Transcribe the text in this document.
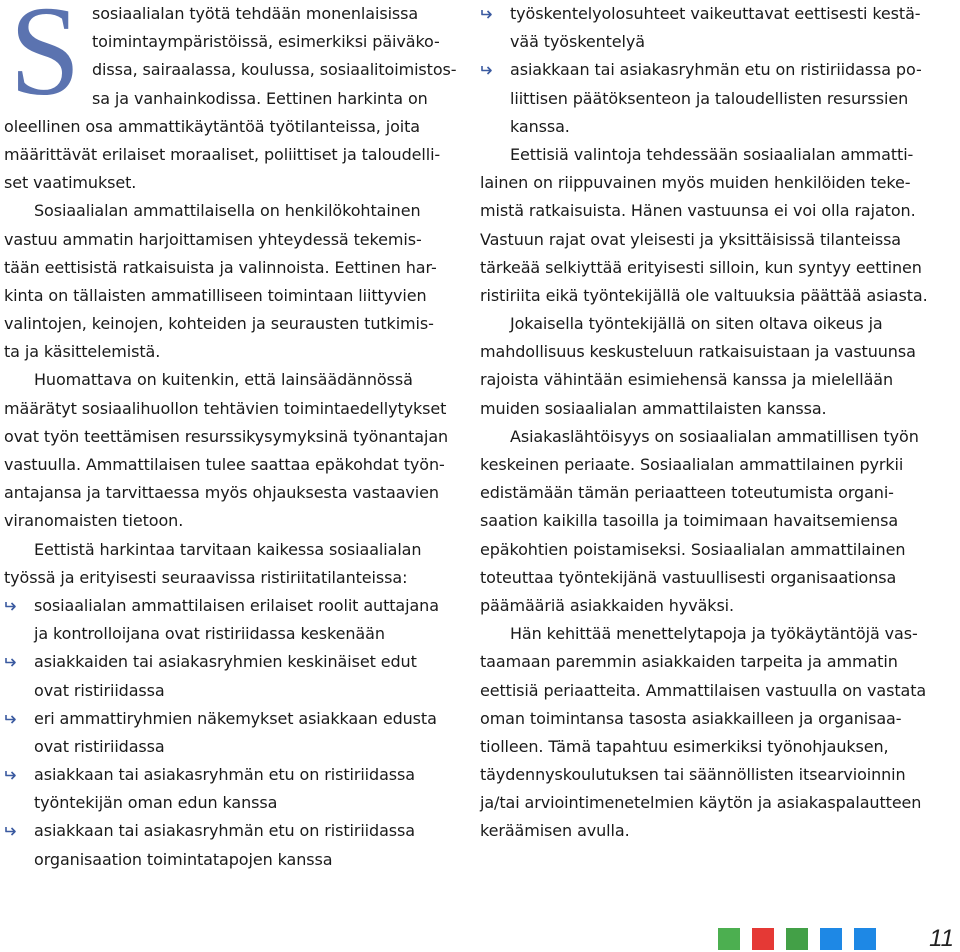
S sosiaalialan työtä tehdään monenlaisissa
toimintaympäristöissä, esimerkiksi päiväko-
dissa, sairaalassa, koulussa, sosiaalitoimistos-
sa ja vanhainkodissa. Eettinen harkinta on
oleellinen osa ammattikäytäntöä työtilanteissa, joita
määrittävät erilaiset moraaliset, poliittiset ja taloudelli-
set vaatimukset.
Sosiaalialan ammattilaisella on henkilökohtainen
vastuu ammatin harjoittamisen yhteydessä tekemis-
tään eettisistä ratkaisuista ja valinnoista. Eettinen har-
kinta on tällaisten ammatilliseen toimintaan liittyvien
valintojen, keinojen, kohteiden ja seurausten tutkimis-
ta ja käsittelemistä.
Huomattava on kuitenkin, että lainsäädännössä
määrätyt sosiaalihuollon tehtävien toimintaedellytykset
ovat työn teettämisen resurssikysymyksinä työnantajan
vastuulla. Ammattilaisen tulee saattaa epäkohdat työn-
antajansa ja tarvittaessa myös ohjauksesta vastaavien
viranomaisten tietoon.
Eettistä harkintaa tarvitaan kaikessa sosiaalialan
työssä ja erityisesti seuraavissa ristiriitatilanteissa:
sosiaalialan ammattilaisen erilaiset roolit auttajana
ja kontrolloijana ovat ristiriidassa keskenään
asiakkaiden tai asiakasryhmien keskinäiset edut
ovat ristiriidassa
eri ammattiryhmien näkemykset asiakkaan edusta
ovat ristiriidassa
asiakkaan tai asiakasryhmän etu on ristiriidassa
työntekijän oman edun kanssa
asiakkaan tai asiakasryhmän etu on ristiriidassa
organisaation toimintatapojen kanssa
työskentelyolosuhteet vaikeuttavat eettisesti kestä-
vää työskentelyä
asiakkaan tai asiakasryhmän etu on ristiriidassa po-
liittisen päätöksenteon ja taloudellisten resurssien
kanssa.
Eettisiä valintoja tehdessään sosiaalialan ammatti-
lainen on riippuvainen myös muiden henkilöiden teke-
mistä ratkaisuista. Hänen vastuunsa ei voi olla rajaton.
Vastuun rajat ovat yleisesti ja yksittäisissä tilanteissa
tärkeää selkiyttää erityisesti silloin, kun syntyy eettinen
ristiriita eikä työntekijällä ole valtuuksia päättää asiasta.
Jokaisella työntekijällä on siten oltava oikeus ja
mahdollisuus keskusteluun ratkaisuistaan ja vastuunsa
rajoista vähintään esimiehensä kanssa ja mielellään
muiden sosiaalialan ammattilaisten kanssa.
Asiakaslähtöisyys on sosiaalialan ammatillisen työn
keskeinen periaate. Sosiaalialan ammattilainen pyrkii
edistämään tämän periaatteen toteutumista organi-
saation kaikilla tasoilla ja toimimaan havaitsemiensa
epäkohtien poistamiseksi. Sosiaalialan ammattilainen
toteuttaa työntekijänä vastuullisesti organisaationsa
päämääriä asiakkaiden hyväksi.
Hän kehittää menettelytapoja ja työkäytäntöjä vas-
taamaan paremmin asiakkaiden tarpeita ja ammatin
eettisiä periaatteita. Ammattilaisen vastuulla on vastata
oman toimintansa tasosta asiakkailleen ja organisaa-
tiolleen. Tämä tapahtuu esimerkiksi työnohjauksen,
täydennyskoulutuksen tai säännöllisten itsearvioinnin
ja/tai arviointimenetelmien käytön ja asiakaspalautteen
keräämisen avulla.
11
